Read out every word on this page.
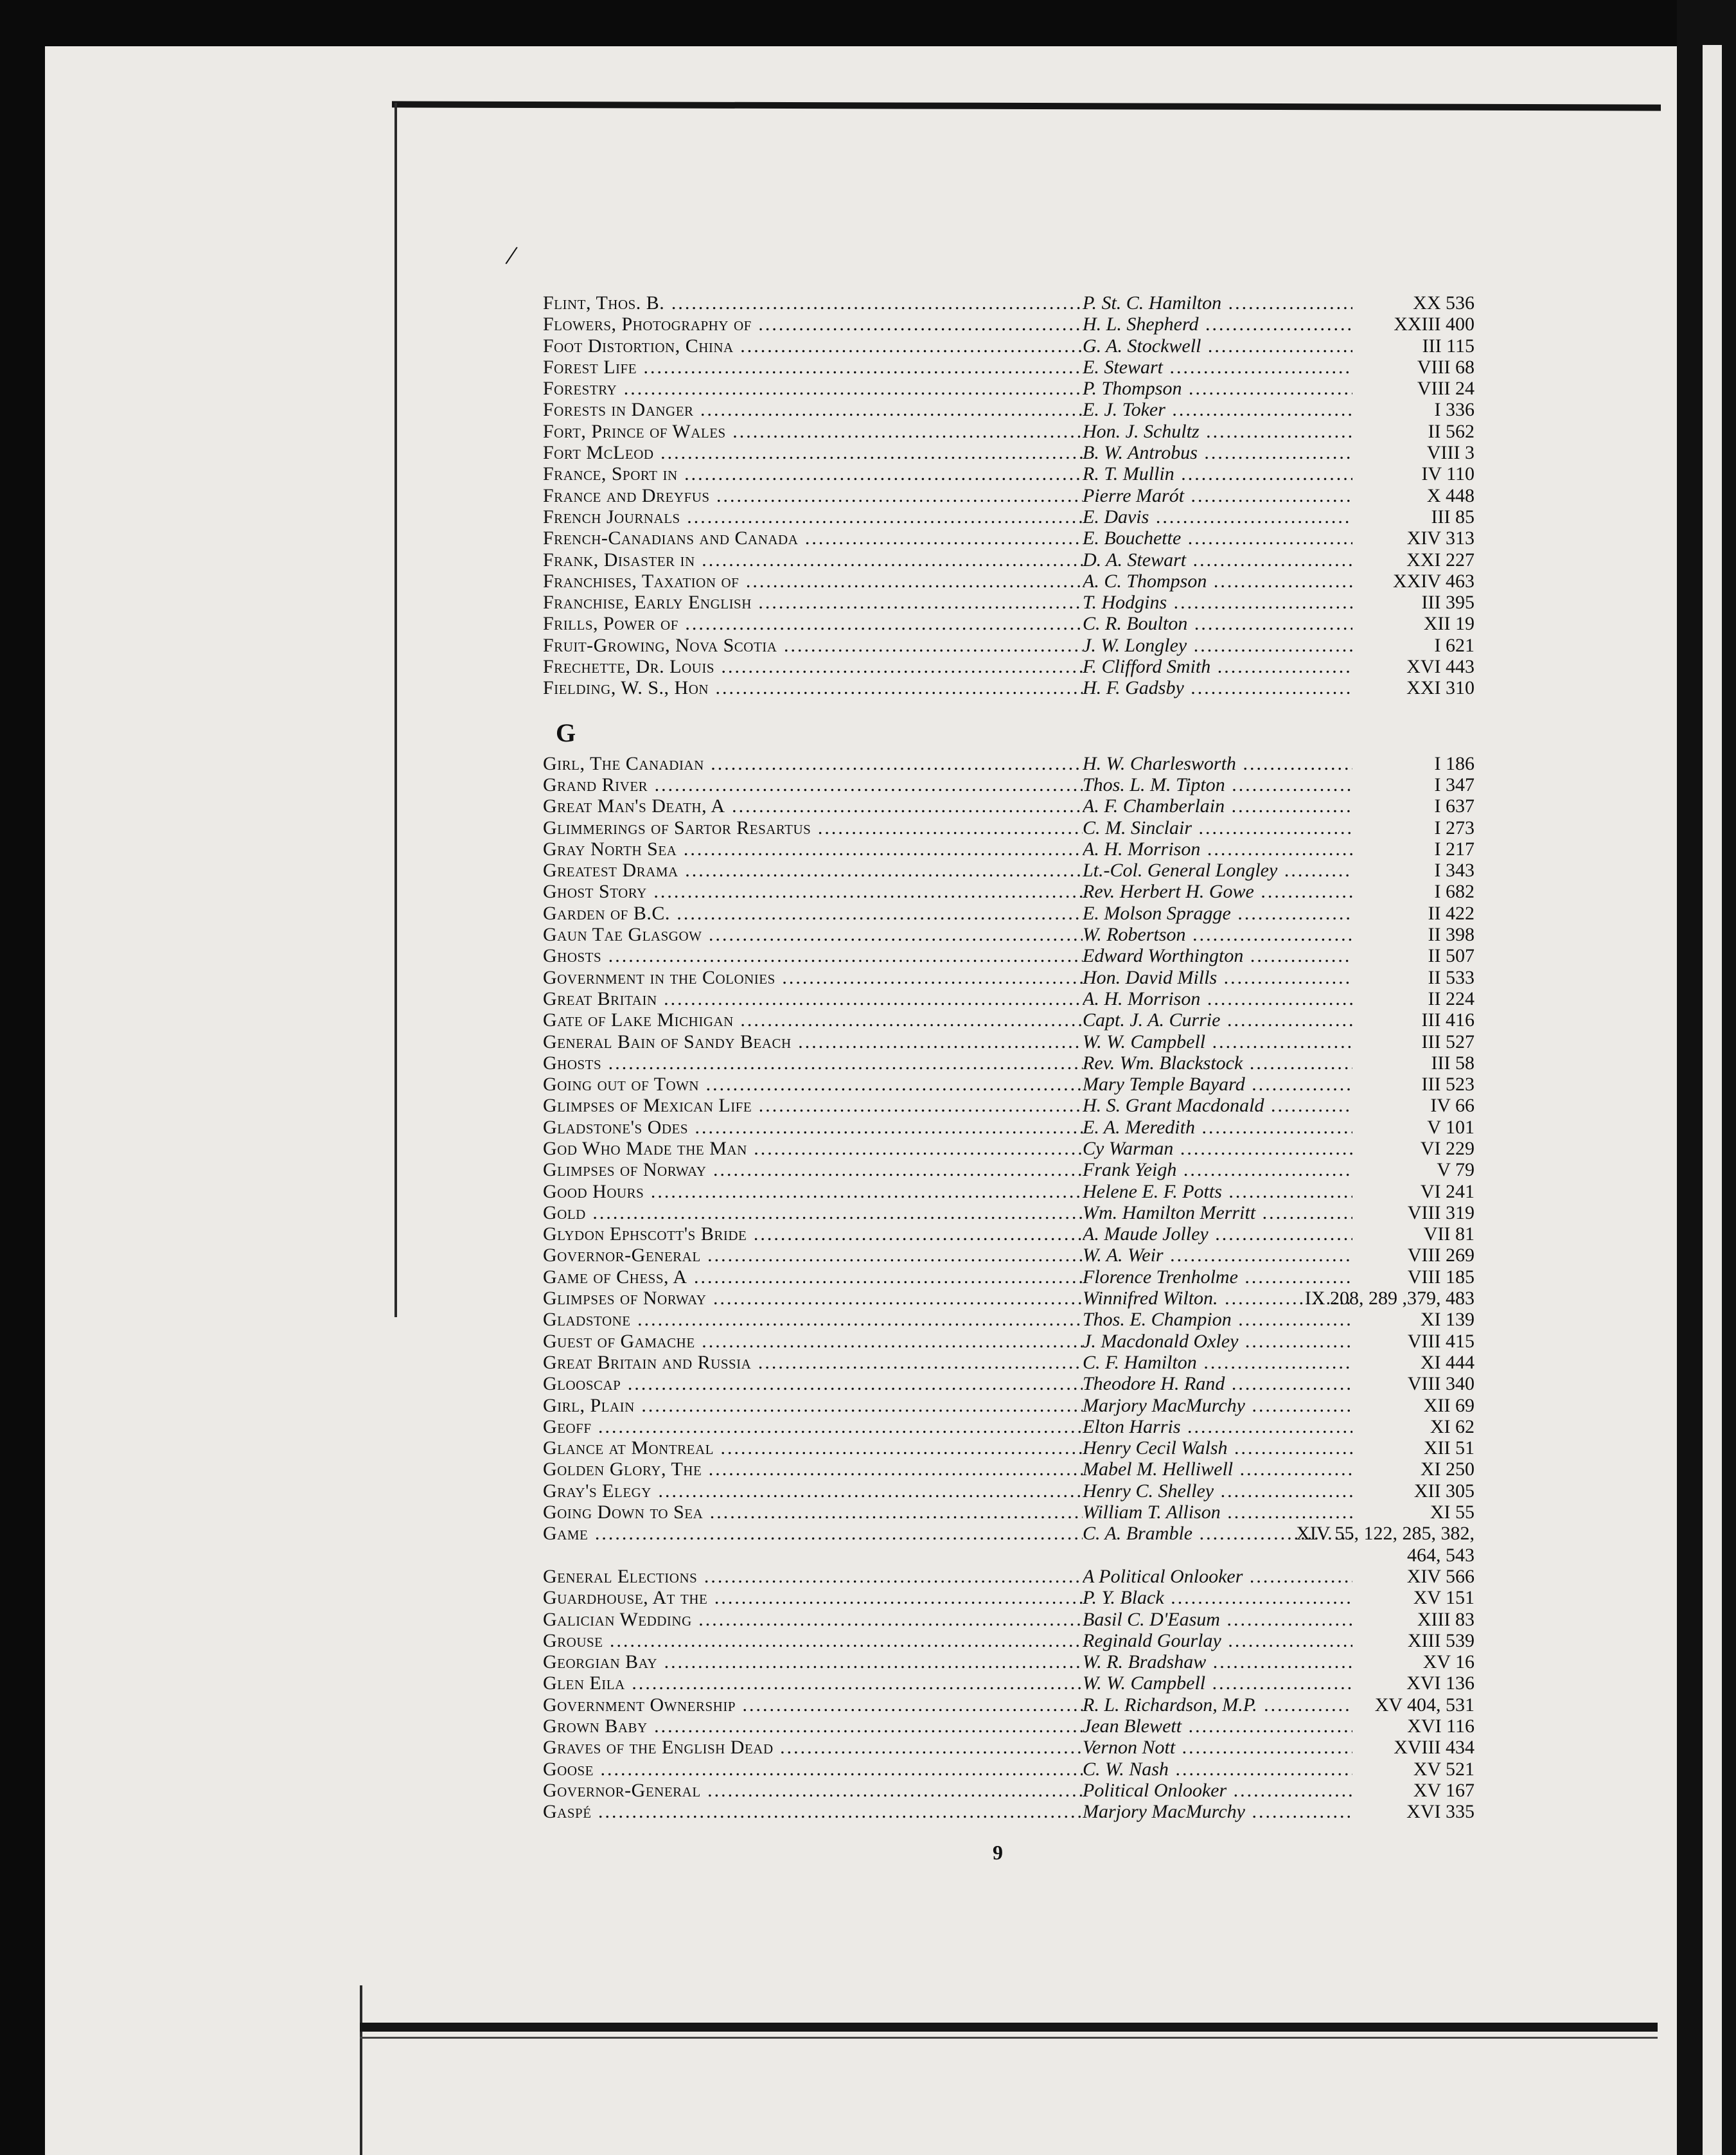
/
Flint, Thos. B. .....	P. St. C. Hamilton .....	XX 536
Flowers, Photography of .....	H. L. Shepherd .....	XXIII 400
Foot Distortion, China .....	G. A. Stockwell .....	III 115
Forest Life .....	E. Stewart .....	VIII 68
Forestry .....	P. Thompson .....	VIII 24
Forests in Danger .....	E. J. Toker .....	I 336
Fort, Prince of Wales .....	Hon. J. Schultz .....	II 562
Fort McLeod .....	B. W. Antrobus .....	VIII 3
France, Sport in .....	R. T. Mullin .....	IV 110
France and Dreyfus .....	Pierre Marót .....	X 448
French Journals .....	E. Davis .....	III 85
French-Canadians and Canada .....	E. Bouchette .....	XIV 313
Frank, Disaster in .....	D. A. Stewart .....	XXI 227
Franchises, Taxation of .....	A. C. Thompson .....	XXIV 463
Franchise, Early English .....	T. Hodgins .....	III 395
Frills, Power of .....	C. R. Boulton .....	XII 19
Fruit-Growing, Nova Scotia .....	J. W. Longley .....	I 621
Frechette, Dr. Louis .....	F. Clifford Smith .....	XVI 443
Fielding, W. S., Hon .....	H. F. Gadsby .....	XXI 310
G
Girl, The Canadian .....	H. W. Charlesworth .....	I 186
Grand River .....	Thos. L. M. Tipton .....	I 347
Great Man's Death, A .....	A. F. Chamberlain .....	I 637
Glimmerings of Sartor Resartus .....	C. M. Sinclair .....	I 273
Gray North Sea .....	A. H. Morrison .....	I 217
Greatest Drama .....	Lt.-Col. General Longley .....	I 343
Ghost Story .....	Rev. Herbert H. Gowe .....	I 682
Garden of B.C. .....	E. Molson Spragge .....	II 422
Gaun Tae Glasgow .....	W. Robertson .....	II 398
Ghosts .....	Edward Worthington .....	II 507
Government in the Colonies .....	Hon. David Mills .....	II 533
Great Britain .....	A. H. Morrison .....	II 224
Gate of Lake Michigan .....	Capt. J. A. Currie .....	III 416
General Bain of Sandy Beach .....	W. W. Campbell .....	III 527
Ghosts .....	Rev. Wm. Blackstock .....	III 58
Going out of Town .....	Mary Temple Bayard .....	III 523
Glimpses of Mexican Life .....	H. S. Grant Macdonald .....	IV 66
Gladstone's Odes .....	E. A. Meredith .....	V 101
God Who Made the Man .....	Cy Warman .....	VI 229
Glimpses of Norway .....	Frank Yeigh .....	V 79
Good Hours .....	Helene E. F. Potts .....	VI 241
Gold .....	Wm. Hamilton Merritt .....	VIII 319
Glydon Ephscott's Bride .....	A. Maude Jolley .....	VII 81
Governor-General .....	W. A. Weir .....	VIII 269
Game of Chess, A .....	Florence Trenholme .....	VIII 185
Glimpses of Norway .....	Winnifred Wilton. .....	IX 208, 289 ,379, 483
Gladstone .....	Thos. E. Champion .....	XI 139
Guest of Gamache .....	J. Macdonald Oxley .....	VIII 415
Great Britain and Russia .....	C. F. Hamilton .....	XI 444
Glooscap .....	Theodore H. Rand .....	VIII 340
Girl, Plain .....	Marjory MacMurchy .....	XII 69
Geoff .....	Elton Harris .....	XI 62
Glance at Montreal .....	Henry Cecil Walsh .....	XII 51
Golden Glory, The .....	Mabel M. Helliwell .....	XI 250
Gray's Elegy .....	Henry C. Shelley .....	XII 305
Going Down to Sea .....	William T. Allison .....	XI 55
Game .....	C. A. Bramble .....	XIV 55, 122, 285, 382,
464, 543
General Elections .....	A Political Onlooker .....	XIV 566
Guardhouse, At the .....	P. Y. Black .....	XV 151
Galician Wedding .....	Basil C. D'Easum .....	XIII 83
Grouse .....	Reginald Gourlay .....	XIII 539
Georgian Bay .....	W. R. Bradshaw .....	XV 16
Glen Eila .....	W. W. Campbell .....	XVI 136
Government Ownership .....	R. L. Richardson, M.P. .....	XV 404, 531
Grown Baby .....	Jean Blewett .....	XVI 116
Graves of the English Dead .....	Vernon Nott .....	XVIII 434
Goose .....	C. W. Nash .....	XV 521
Governor-General .....	Political Onlooker .....	XV 167
Gaspé .....	Marjory MacMurchy .....	XVI 335
9
